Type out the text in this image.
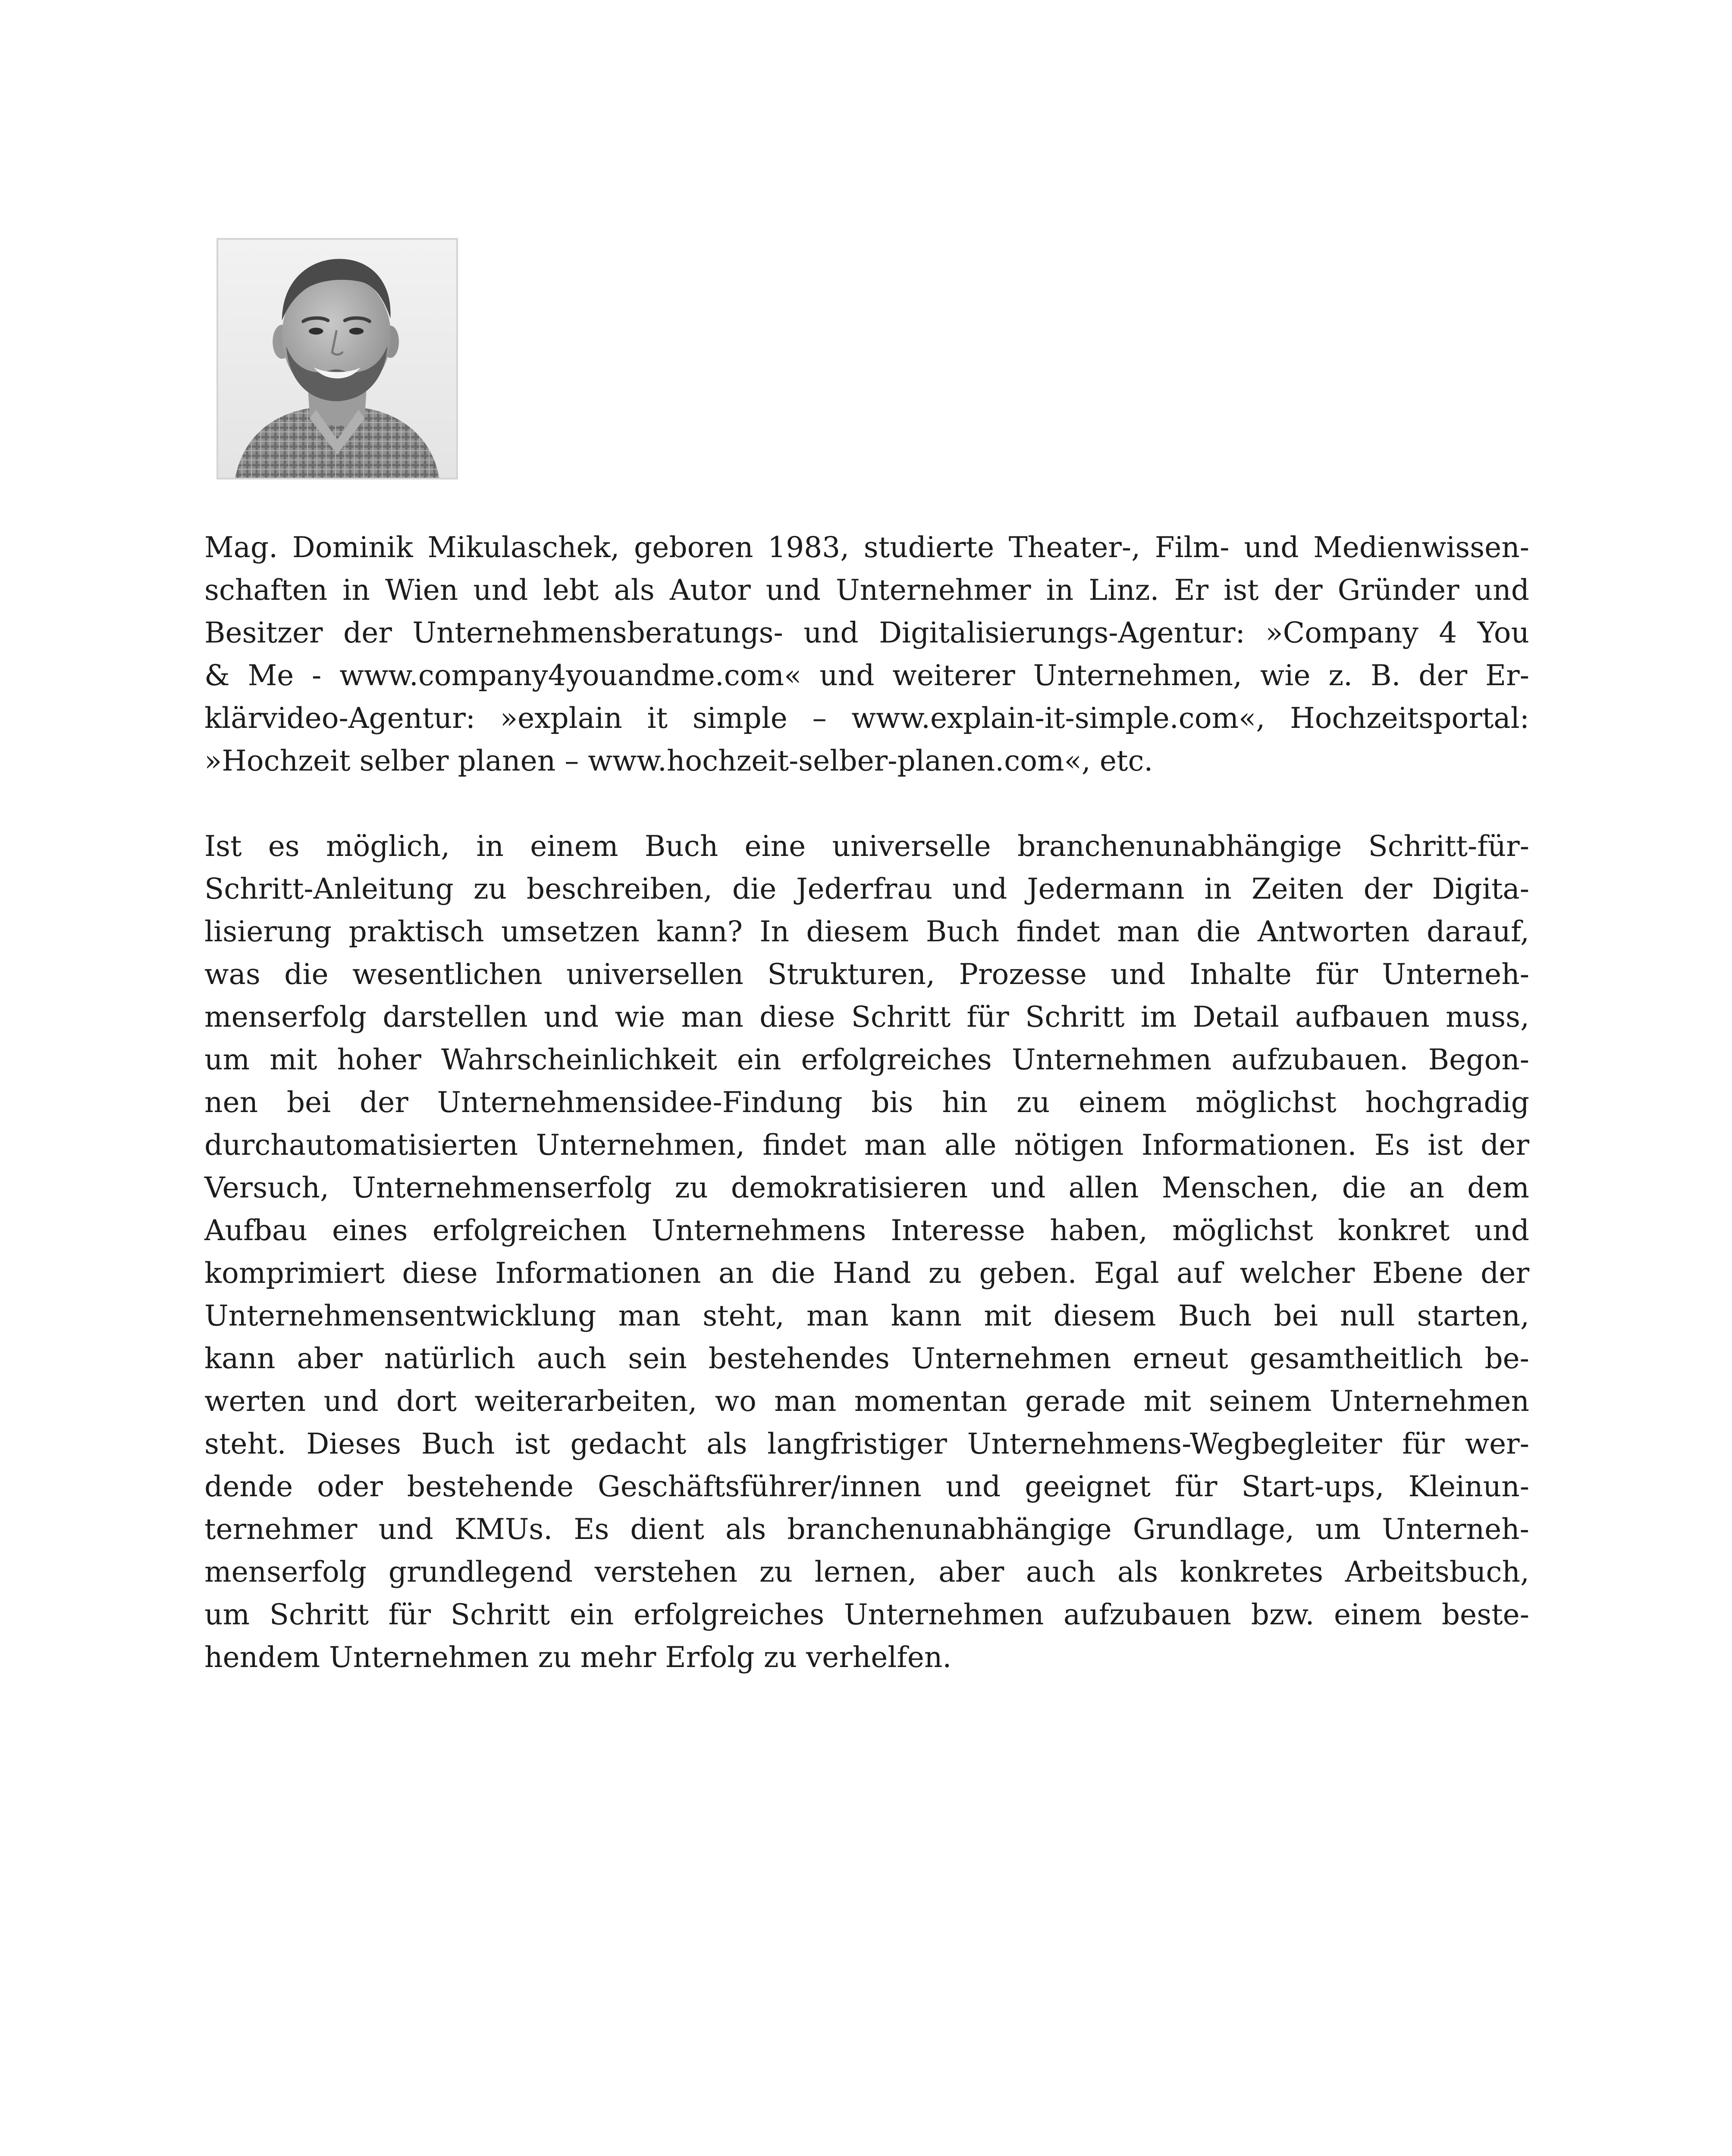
Mag. Dominik Mikulaschek, geboren 1983, studierte Theater-, Film- und Medienwissen-
schaften in Wien und lebt als Autor und Unternehmer in Linz. Er ist der Gründer und
Besitzer der Unternehmensberatungs- und Digitalisierungs-Agentur: »Company 4 You
& Me - www.company4youandme.com« und weiterer Unternehmen, wie z. B. der Er-
klärvideo-Agentur: »explain it simple – www.explain-it-simple.com«, Hochzeitsportal:
»Hochzeit selber planen – www.hochzeit-selber-planen.com«, etc.
Ist es möglich, in einem Buch eine universelle branchenunabhängige Schritt-für-
Schritt-Anleitung zu beschreiben, die Jederfrau und Jedermann in Zeiten der Digita-
lisierung praktisch umsetzen kann? In diesem Buch findet man die Antworten darauf,
was die wesentlichen universellen Strukturen, Prozesse und Inhalte für Unterneh-
menserfolg darstellen und wie man diese Schritt für Schritt im Detail aufbauen muss,
um mit hoher Wahrscheinlichkeit ein erfolgreiches Unternehmen aufzubauen. Begon-
nen bei der Unternehmensidee-Findung bis hin zu einem möglichst hochgradig
durchautomatisierten Unternehmen, findet man alle nötigen Informationen. Es ist der
Versuch, Unternehmenserfolg zu demokratisieren und allen Menschen, die an dem
Aufbau eines erfolgreichen Unternehmens Interesse haben, möglichst konkret und
komprimiert diese Informationen an die Hand zu geben. Egal auf welcher Ebene der
Unternehmensentwicklung man steht, man kann mit diesem Buch bei null starten,
kann aber natürlich auch sein bestehendes Unternehmen erneut gesamtheitlich be-
werten und dort weiterarbeiten, wo man momentan gerade mit seinem Unternehmen
steht. Dieses Buch ist gedacht als langfristiger Unternehmens-Wegbegleiter für wer-
dende oder bestehende Geschäftsführer/innen und geeignet für Start-ups, Kleinun-
ternehmer und KMUs. Es dient als branchenunabhängige Grundlage, um Unterneh-
menserfolg grundlegend verstehen zu lernen, aber auch als konkretes Arbeitsbuch,
um Schritt für Schritt ein erfolgreiches Unternehmen aufzubauen bzw. einem beste-
hendem Unternehmen zu mehr Erfolg zu verhelfen.
